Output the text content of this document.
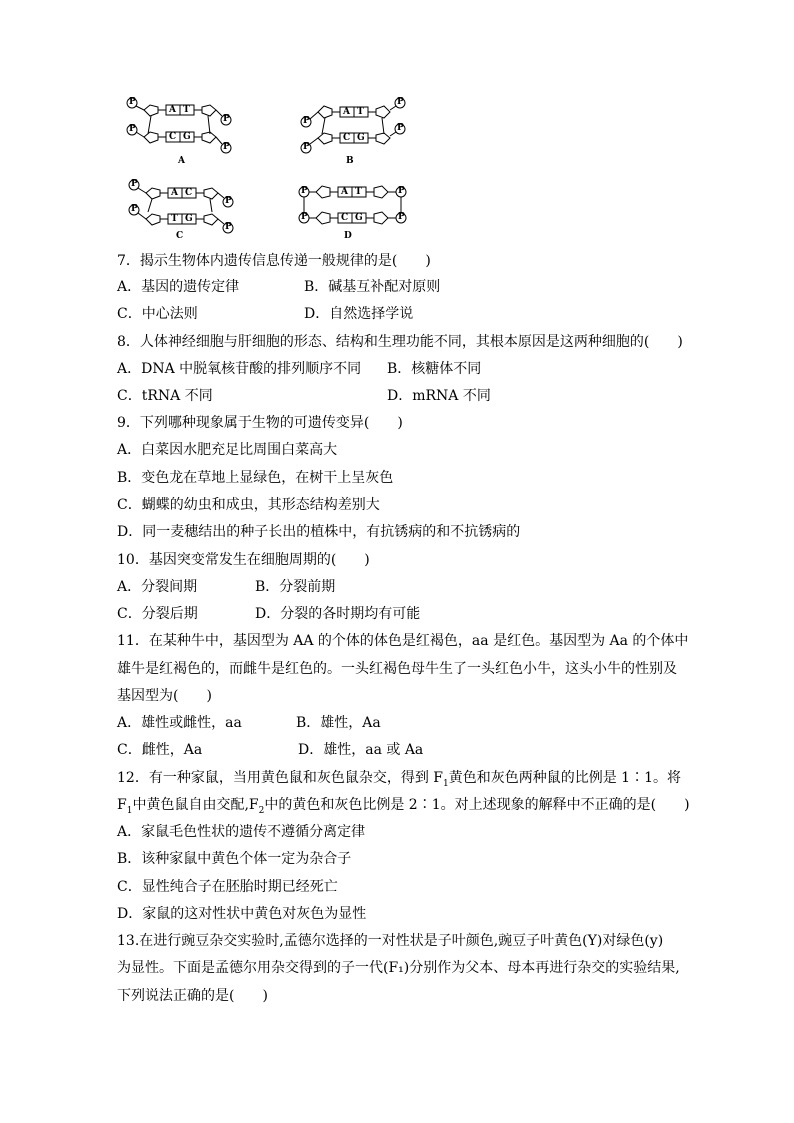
P
P
P
P
A T
C G
A
P
P
P
P
A T
C G
B
P
P
P
P
A C
T G
C
P	P
P	P
A T
C G
D
7．揭示生物体内遗传信息传递一般规律的是(　　)
A．基因的遗传定律	B．碱基互补配对原则
C．中心法则	D．自然选择学说
8．人体神经细胞与肝细胞的形态、结构和生理功能不同，其根本原因是这两种细胞的(　　)
A．DNA 中脱氧核苷酸的排列顺序不同 B．核糖体不同
C．tRNA 不同	D．mRNA 不同
9．下列哪种现象属于生物的可遗传变异(　　)
A．白菜因水肥充足比周围白菜高大
B．变色龙在草地上显绿色，在树干上呈灰色
C．蝴蝶的幼虫和成虫，其形态结构差别大
D．同一麦穗结出的种子长出的植株中，有抗锈病的和不抗锈病的
10．基因突变常发生在细胞周期的(　　)
A．分裂间期	B．分裂前期
C．分裂后期	D．分裂的各时期均有可能
11．在某种牛中，基因型为 AA 的个体的体色是红褐色，aa 是红色。基因型为 Aa 的个体中
雄牛是红褐色的，而雌牛是红色的。一头红褐色母牛生了一头红色小牛，这头小牛的性别及
基因型为(　　)
A．雄性或雌性，aa	B．雄性，Aa
C．雌性，Aa	D．雄性，aa 或 Aa
12．有一种家鼠，当用黄色鼠和灰色鼠杂交，得到 $F_1$黄色和灰色两种鼠的比例是 1∶1。将
$F_1$中黄色鼠自由交配$,F_2$中的黄色和灰色比例是 2∶1。对上述现象的解释中不正确的是(　　)
A．家鼠毛色性状的遗传不遵循分离定律
B．该种家鼠中黄色个体一定为杂合子
C．显性纯合子在胚胎时期已经死亡
D．家鼠的这对性状中黄色对灰色为显性
13.在进行豌豆杂交实验时,孟德尔选择的一对性状是子叶颜色,豌豆子叶黄色(Y)对绿色(y)
为显性。下面是孟德尔用杂交得到的子一代(F₁)分别作为父本、母本再进行杂交的实验结果,
下列说法正确的是(　　)
